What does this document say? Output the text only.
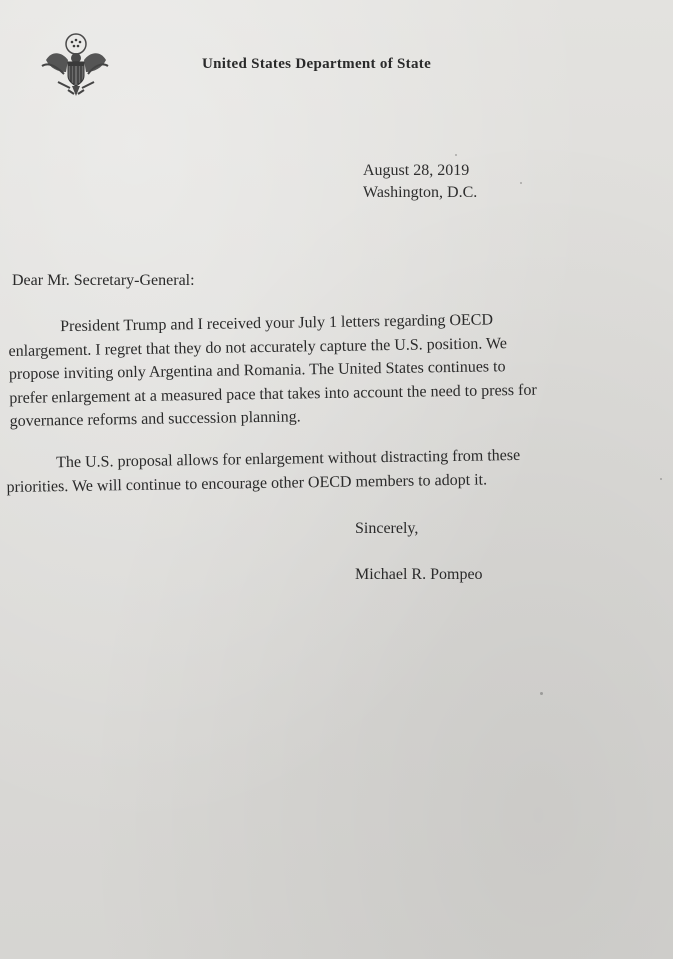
United States Department of State
August 28, 2019
Washington, D.C.
Dear Mr. Secretary-General:
President Trump and I received your July 1 letters regarding OECD
enlargement. I regret that they do not accurately capture the U.S. position. We
propose inviting only Argentina and Romania. The United States continues to
prefer enlargement at a measured pace that takes into account the need to press for
governance reforms and succession planning.
The U.S. proposal allows for enlargement without distracting from these
priorities. We will continue to encourage other OECD members to adopt it.
Sincerely,
Michael R. Pompeo
